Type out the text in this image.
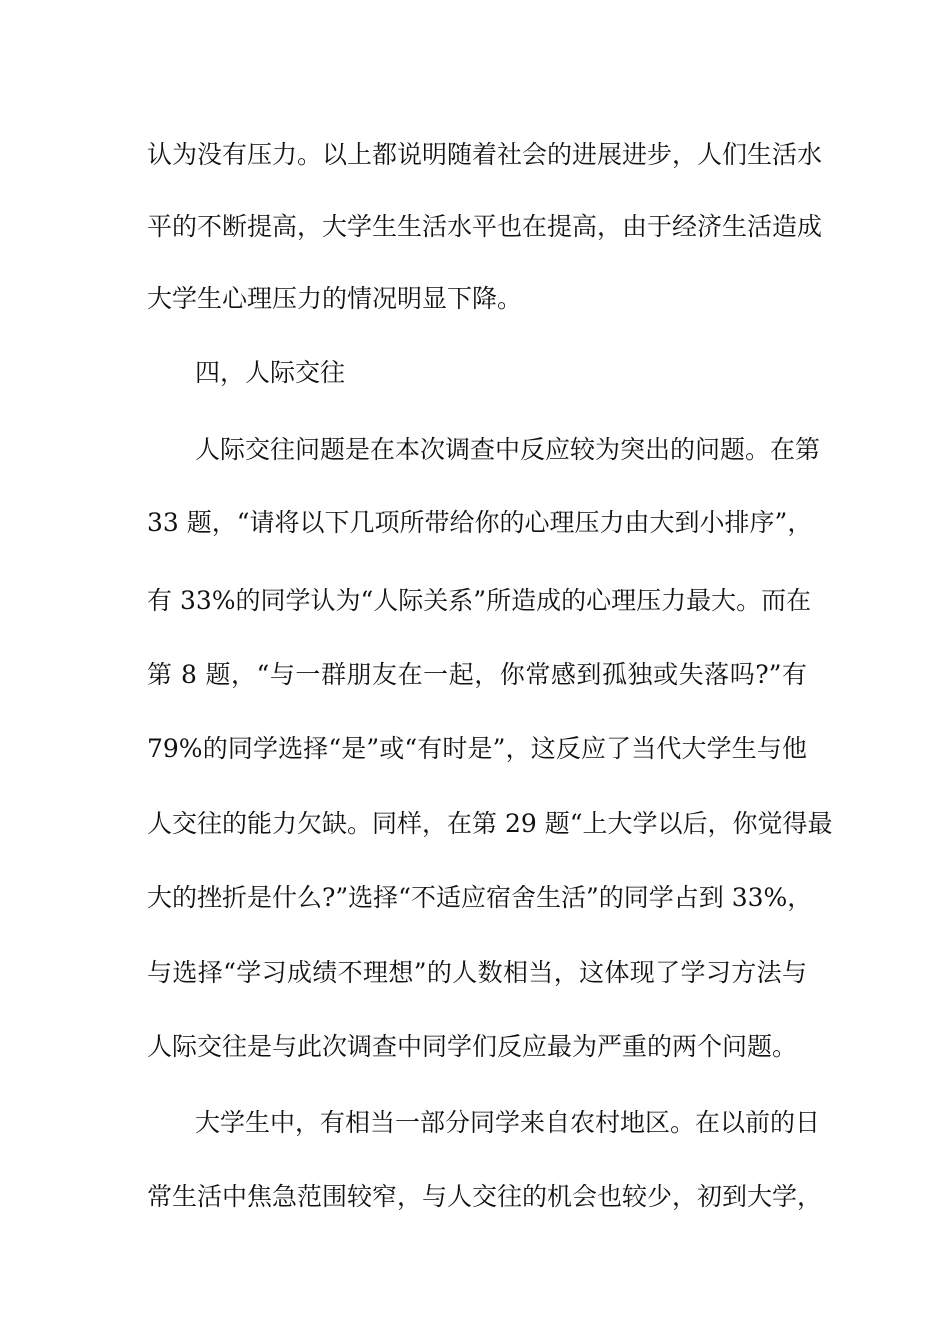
认为没有压力。以上都说明随着社会的进展进步，人们生活水
平的不断提高，大学生生活水平也在提高，由于经济生活造成
大学生心理压力的情况明显下降。
四，人际交往
人际交往问题是在本次调查中反应较为突出的问题。在第
33 题，“请将以下几项所带给你的心理压力由大到小排序”，
有 33%的同学认为“人际关系”所造成的心理压力最大。而在
第 8 题，“与一群朋友在一起，你常感到孤独或失落吗?”有
79%的同学选择“是”或“有时是”，这反应了当代大学生与他
人交往的能力欠缺。同样，在第 29 题“上大学以后，你觉得最
大的挫折是什么?”选择“不适应宿舍生活”的同学占到 33%，
与选择“学习成绩不理想”的人数相当，这体现了学习方法与
人际交往是与此次调查中同学们反应最为严重的两个问题。
大学生中，有相当一部分同学来自农村地区。在以前的日
常生活中焦急范围较窄，与人交往的机会也较少，初到大学，
